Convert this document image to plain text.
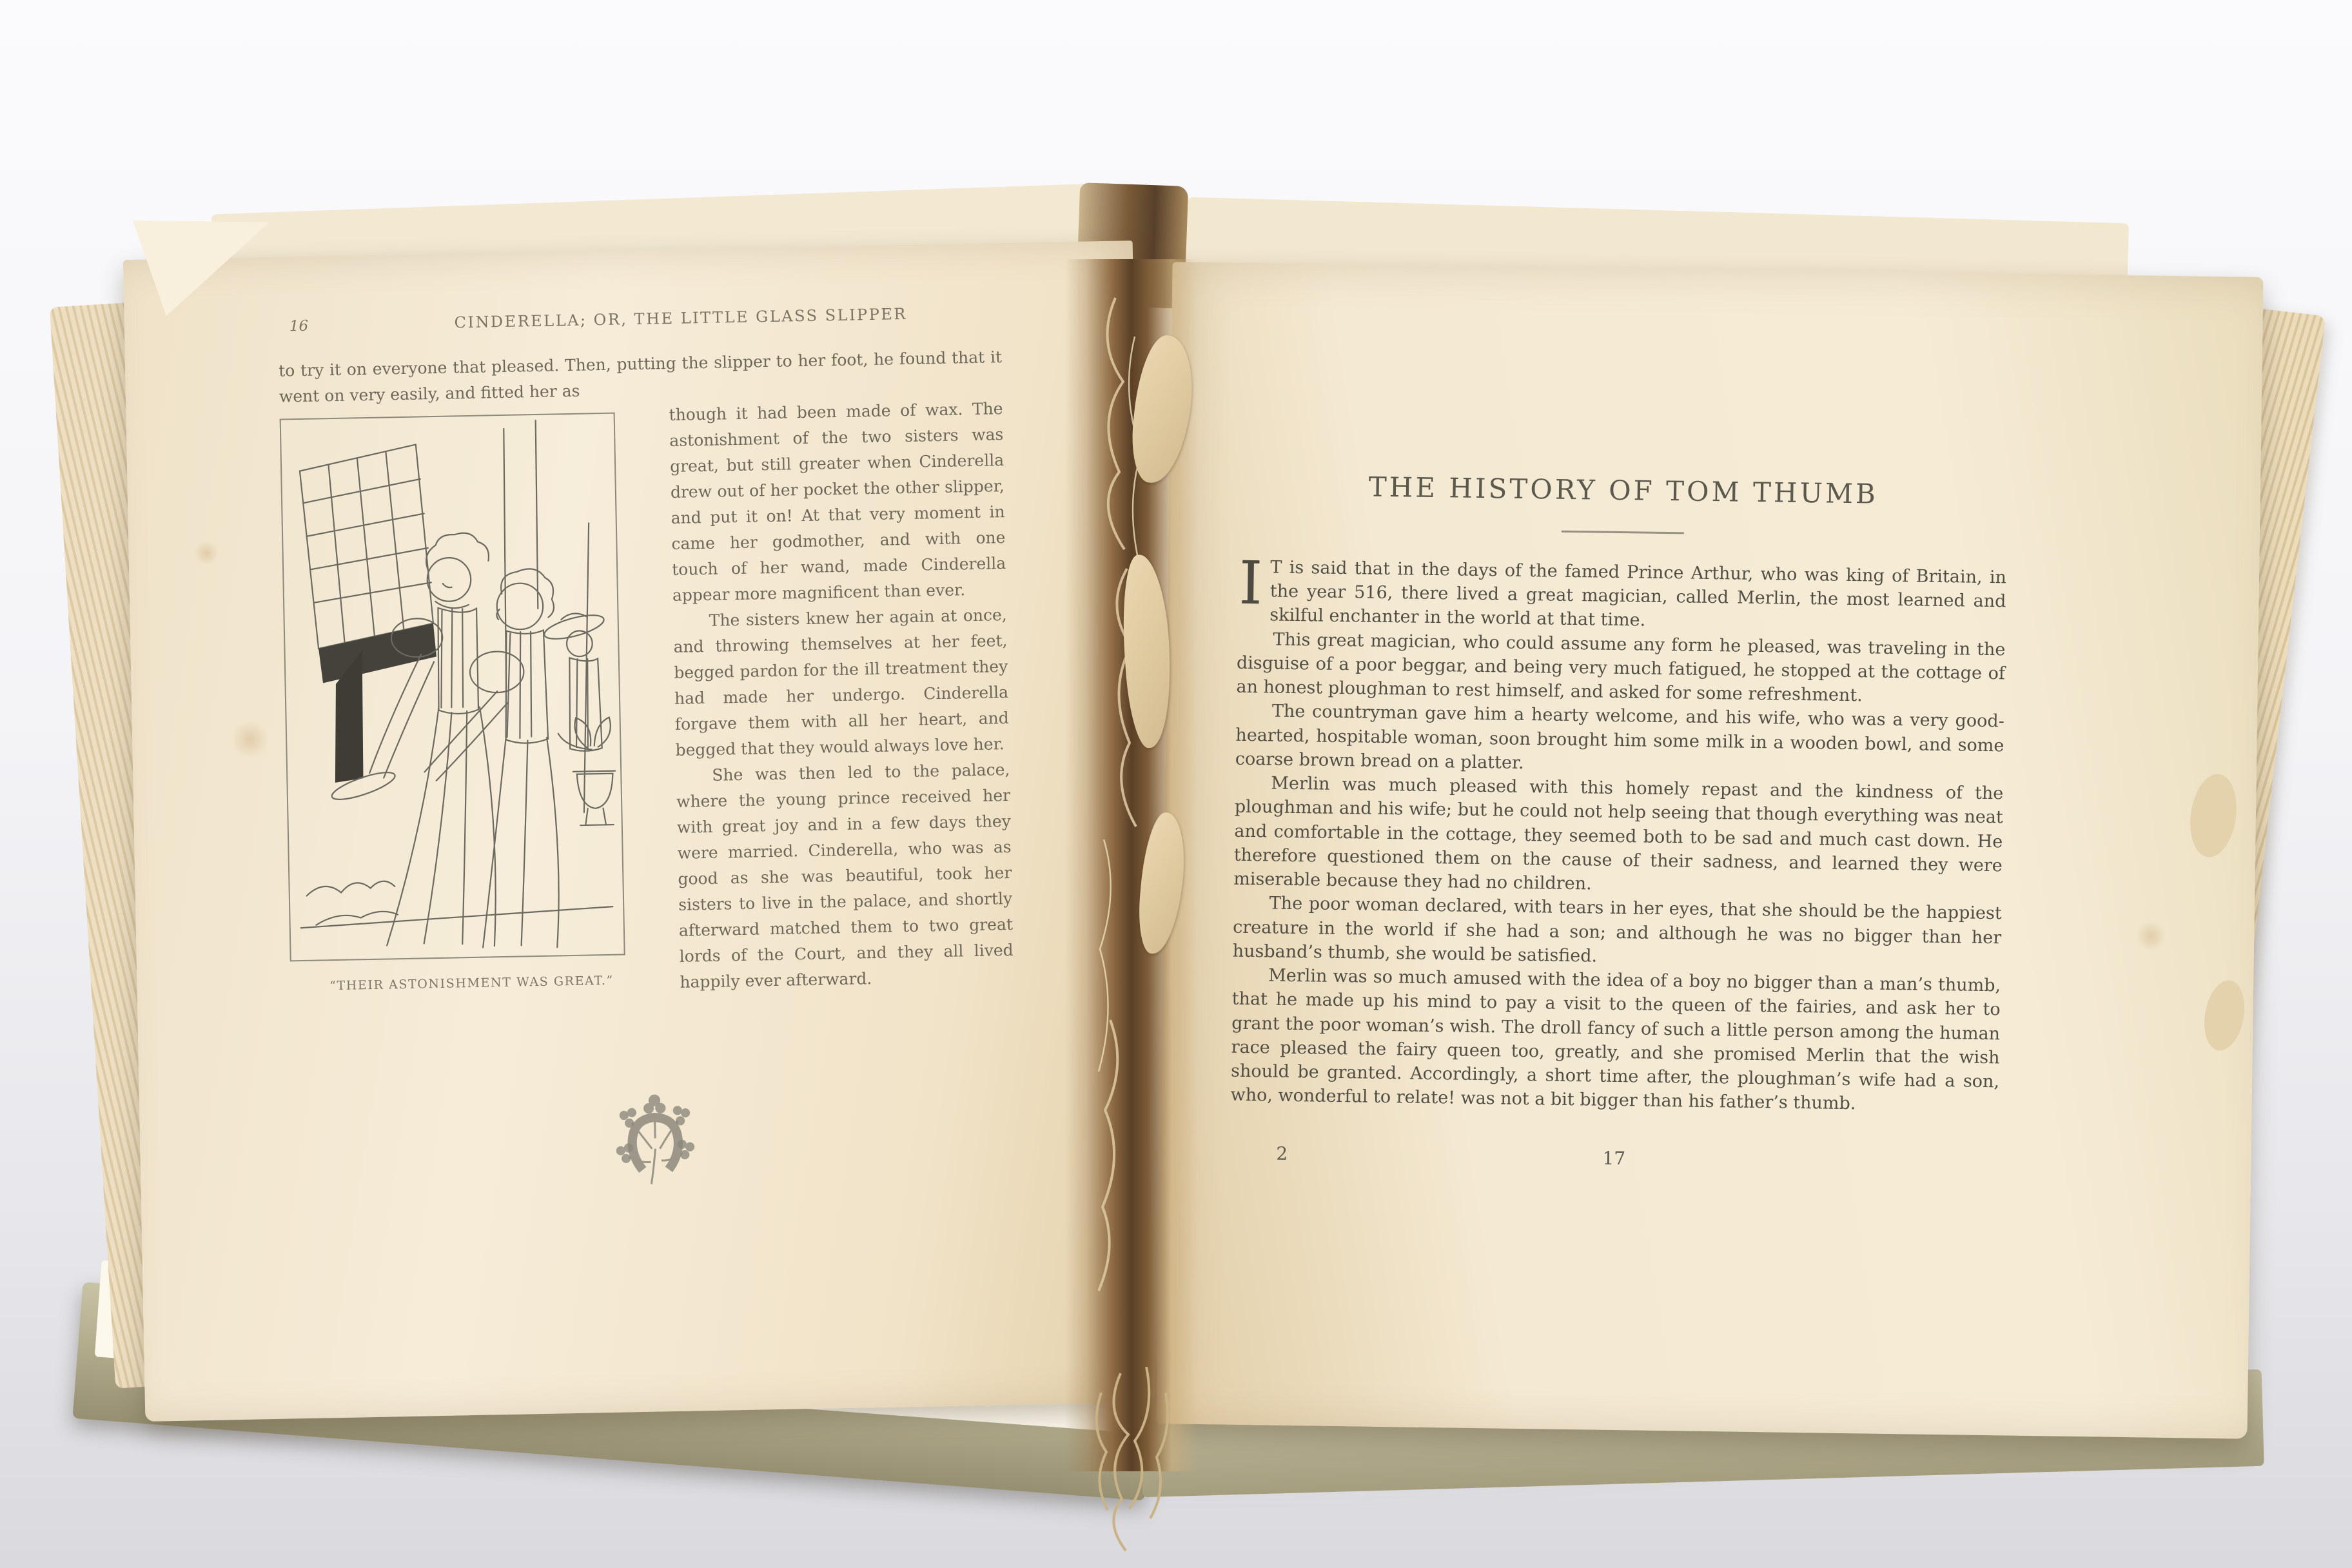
16	CINDERELLA; OR, THE LITTLE GLASS SLIPPER

to try it on everyone that pleased. Then, putting the slipper to her foot, he found that it went on very easily, and fitted her as

“THEIR ASTONISHMENT WAS GREAT.”

though it had been made of wax. The astonishment of the two sisters was great, but still greater when Cinderella drew out of her pocket the other slipper, and put it on! At that very moment in came her godmother, and with one touch of her wand, made Cinderella appear more magnificent than ever.

The sisters knew her again at once, and throwing themselves at her feet, begged pardon for the ill treatment they had made her undergo. Cinderella forgave them with all her heart, and begged that they would always love her.

She was then led to the palace, where the young prince received her with great joy and in a few days they were married. Cinderella, who was as good as she was beautiful, took her sisters to live in the palace, and shortly afterward matched them to two great lords of the Court, and they all lived happily ever afterward.

THE HISTORY OF TOM THUMB

I T is said that in the days of the famed Prince Arthur, who was king of Britain, in the year 516, there lived a great magician, called Merlin, the most learned and skilful enchanter in the world at that time.

This great magician, who could assume any form he pleased, was traveling in the disguise of a poor beggar, and being very much fatigued, he stopped at the cottage of an honest ploughman to rest himself, and asked for some refreshment.

The countryman gave him a hearty welcome, and his wife, who was a very good-hearted, hospitable woman, soon brought him some milk in a wooden bowl, and some coarse brown bread on a platter.

Merlin was much pleased with this homely repast and the kindness of the ploughman and his wife; but he could not help seeing that though everything was neat and comfortable in the cottage, they seemed both to be sad and much cast down. He therefore questioned them on the cause of their sadness, and learned they were miserable because they had no children.

The poor woman declared, with tears in her eyes, that she should be the happiest creature in the world if she had a son; and although he was no bigger than her husband’s thumb, she would be satisfied.

Merlin was so much amused with the idea of a boy no bigger than a man’s thumb, that he made up his mind to pay a visit to the queen of the fairies, and ask her to grant the poor woman’s wish. The droll fancy of such a little person among the human race pleased the fairy queen too, greatly, and she promised Merlin that the wish should be granted. Accordingly, a short time after, the ploughman’s wife had a son, who, wonderful to relate! was not a bit bigger than his father’s thumb.

2	17
